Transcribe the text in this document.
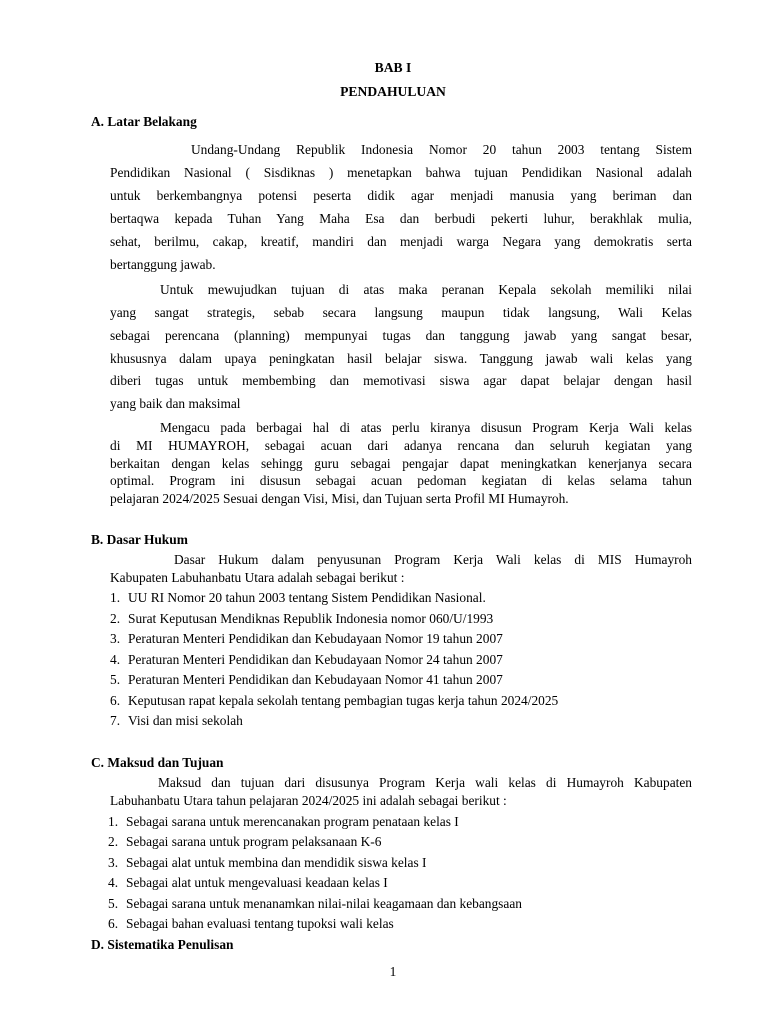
BAB I
PENDAHULUAN
A. Latar Belakang
Undang-Undang Republik Indonesia Nomor 20 tahun 2003 tentang Sistem
Pendidikan Nasional ( Sisdiknas ) menetapkan bahwa tujuan Pendidikan Nasional adalah
untuk berkembangnya potensi peserta didik agar menjadi manusia yang beriman dan
bertaqwa kepada Tuhan Yang Maha Esa dan berbudi pekerti luhur, berakhlak mulia,
sehat, berilmu, cakap, kreatif, mandiri dan menjadi warga Negara yang demokratis serta
bertanggung jawab.
Untuk mewujudkan tujuan di atas maka peranan Kepala sekolah memiliki nilai
yang sangat strategis, sebab secara langsung maupun tidak langsung, Wali Kelas
sebagai perencana (planning) mempunyai tugas dan tanggung jawab yang sangat besar,
khususnya dalam upaya peningkatan hasil belajar siswa. Tanggung jawab wali kelas yang
diberi tugas untuk membembing dan memotivasi siswa agar dapat belajar dengan hasil
yang baik dan maksimal
Mengacu pada berbagai hal di atas perlu kiranya disusun Program Kerja Wali kelas
di MI HUMAYROH, sebagai acuan dari adanya rencana dan seluruh kegiatan yang
berkaitan dengan kelas sehingg guru sebagai pengajar dapat meningkatkan kenerjanya secara
optimal. Program ini disusun sebagai acuan pedoman kegiatan di kelas selama tahun
pelajaran 2024/2025 Sesuai dengan Visi, Misi, dan Tujuan serta Profil MI Humayroh.
B. Dasar Hukum
Dasar Hukum dalam penyusunan Program Kerja Wali kelas di MIS Humayroh
Kabupaten Labuhanbatu Utara adalah sebagai berikut :
1. UU RI Nomor 20 tahun 2003 tentang Sistem Pendidikan Nasional.
2. Surat Keputusan Mendiknas Republik Indonesia nomor 060/U/1993
3. Peraturan Menteri Pendidikan dan Kebudayaan Nomor 19 tahun 2007
4. Peraturan Menteri Pendidikan dan Kebudayaan Nomor 24 tahun 2007
5. Peraturan Menteri Pendidikan dan Kebudayaan Nomor 41 tahun 2007
6. Keputusan rapat kepala sekolah tentang pembagian tugas kerja tahun 2024/2025
7. Visi dan misi sekolah
C. Maksud dan Tujuan
Maksud dan tujuan dari disusunya Program Kerja wali kelas di Humayroh Kabupaten
Labuhanbatu Utara tahun pelajaran 2024/2025 ini adalah sebagai berikut :
1. Sebagai sarana untuk merencanakan program penataan kelas I
2. Sebagai sarana untuk program pelaksanaan K-6
3. Sebagai alat untuk membina dan mendidik siswa kelas I
4. Sebagai alat untuk mengevaluasi keadaan kelas I
5. Sebagai sarana untuk menanamkan nilai-nilai keagamaan dan kebangsaan
6. Sebagai bahan evaluasi tentang tupoksi wali kelas
D. Sistematika Penulisan
1
